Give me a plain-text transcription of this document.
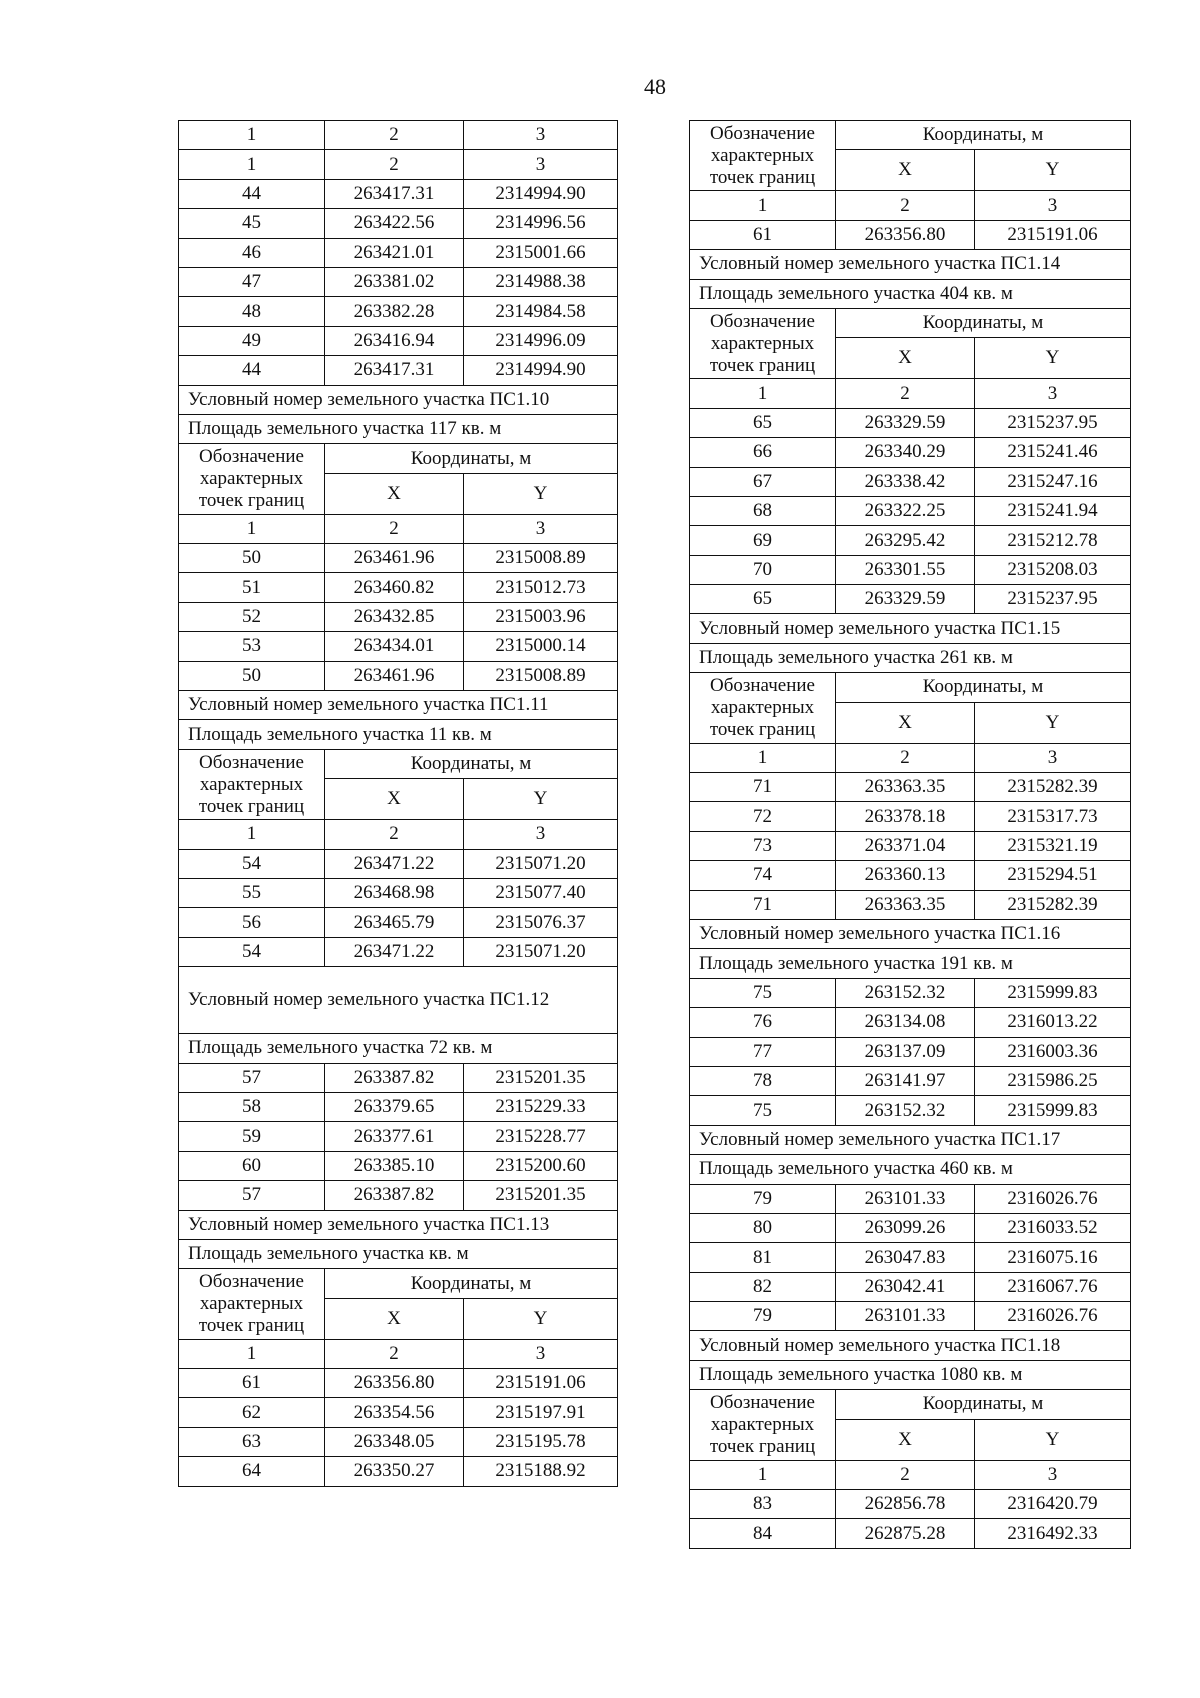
48

1	2	3
1	2	3
44	263417.31	2314994.90
45	263422.56	2314996.56
46	263421.01	2315001.66
47	263381.02	2314988.38
48	263382.28	2314984.58
49	263416.94	2314996.09
44	263417.31	2314994.90
Условный номер земельного участка ПС1.10		
Площадь земельного участка 117 кв. м		

Обозначение
характерных
точек границ	Координаты, м	
	X	Y
1	2	3
50	263461.96	2315008.89
51	263460.82	2315012.73
52	263432.85	2315003.96
53	263434.01	2315000.14
50	263461.96	2315008.89
Условный номер земельного участка ПС1.11		
Площадь земельного участка 11 кв. м		

Обозначение
характерных
точек границ	Координаты, м	
	X	Y
1	2	3
54	263471.22	2315071.20
55	263468.98	2315077.40
56	263465.79	2315076.37
54	263471.22	2315071.20
Условный номер земельного участка ПС1.12		
Площадь земельного участка 72 кв. м		
57	263387.82	2315201.35
58	263379.65	2315229.33
59	263377.61	2315228.77
60	263385.10	2315200.60
57	263387.82	2315201.35
Условный номер земельного участка ПС1.13		
Площадь земельного участка кв. м		

Обозначение
характерных
точек границ	Координаты, м	
	X	Y
1	2	3
61	263356.80	2315191.06
62	263354.56	2315197.91
63	263348.05	2315195.78
64	263350.27	2315188.92

Обозначение
характерных
точек границ	Координаты, м	
	X	Y
1	2	3
61	263356.80	2315191.06
Условный номер земельного участка ПС1.14		
Площадь земельного участка 404 кв. м		

Обозначение
характерных
точек границ	Координаты, м	
	X	Y
1	2	3
65	263329.59	2315237.95
66	263340.29	2315241.46
67	263338.42	2315247.16
68	263322.25	2315241.94
69	263295.42	2315212.78
70	263301.55	2315208.03
65	263329.59	2315237.95
Условный номер земельного участка ПС1.15		
Площадь земельного участка 261 кв. м		

Обозначение
характерных
точек границ	Координаты, м	
	X	Y
1	2	3
71	263363.35	2315282.39
72	263378.18	2315317.73
73	263371.04	2315321.19
74	263360.13	2315294.51
71	263363.35	2315282.39
Условный номер земельного участка ПС1.16		
Площадь земельного участка 191 кв. м		
75	263152.32	2315999.83
76	263134.08	2316013.22
77	263137.09	2316003.36
78	263141.97	2315986.25
75	263152.32	2315999.83
Условный номер земельного участка ПС1.17		
Площадь земельного участка 460 кв. м		
79	263101.33	2316026.76
80	263099.26	2316033.52
81	263047.83	2316075.16
82	263042.41	2316067.76
79	263101.33	2316026.76
Условный номер земельного участка ПС1.18		
Площадь земельного участка 1080 кв. м		

Обозначение
характерных
точек границ	Координаты, м	
	X	Y
1	2	3
83	262856.78	2316420.79
84	262875.28	2316492.33
